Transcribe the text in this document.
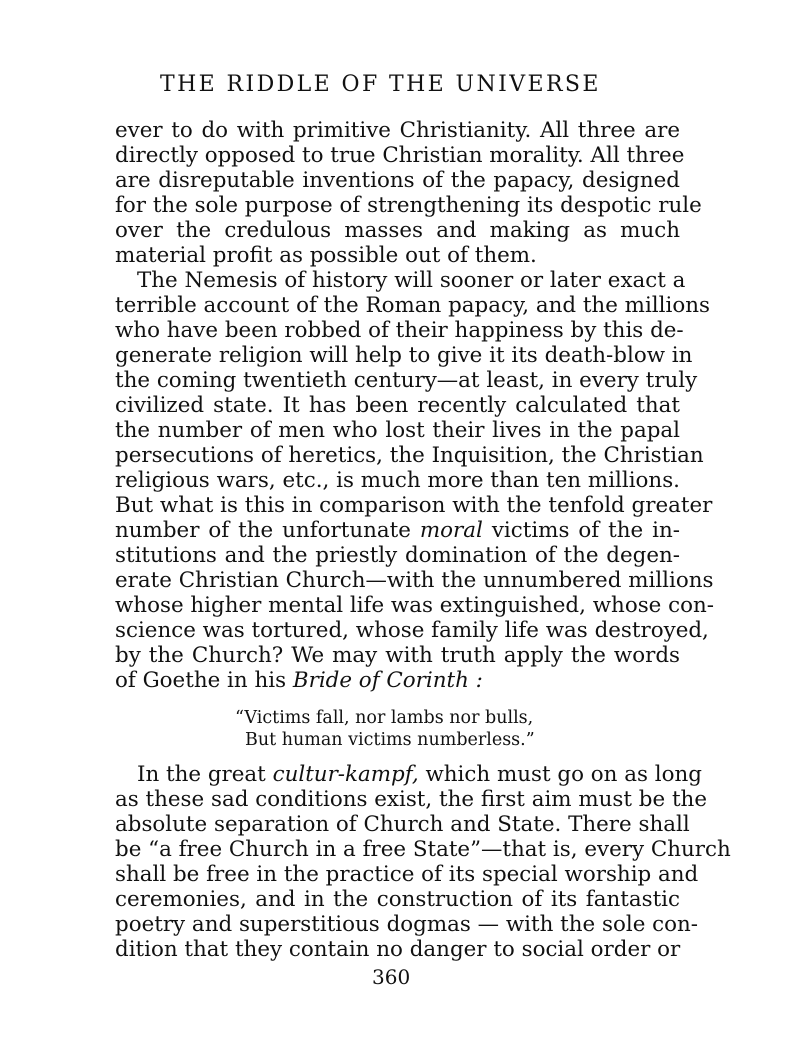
THE RIDDLE OF THE UNIVERSE
ever to do with primitive Christianity. All three are
directly opposed to true Christian morality. All three
are disreputable inventions of the papacy, designed
for the sole purpose of strengthening its despotic rule
over the credulous masses and making as much
material profit as possible out of them.
The Nemesis of history will sooner or later exact a
terrible account of the Roman papacy, and the millions
who have been robbed of their happiness by this de-
generate religion will help to give it its death-blow in
the coming twentieth century—at least, in every truly
civilized state. It has been recently calculated that
the number of men who lost their lives in the papal
persecutions of heretics, the Inquisition, the Christian
religious wars, etc., is much more than ten millions.
But what is this in comparison with the tenfold greater
number of the unfortunate moral victims of the in-
stitutions and the priestly domination of the degen-
erate Christian Church—with the unnumbered millions
whose higher mental life was extinguished, whose con-
science was tortured, whose family life was destroyed,
by the Church? We may with truth apply the words
of Goethe in his Bride of Corinth :
“Victims fall, nor lambs nor bulls,
But human victims numberless.”
In the great cultur-kampf, which must go on as long
as these sad conditions exist, the first aim must be the
absolute separation of Church and State. There shall
be “a free Church in a free State”—that is, every Church
shall be free in the practice of its special worship and
ceremonies, and in the construction of its fantastic
poetry and superstitious dogmas — with the sole con-
dition that they contain no danger to social order or
360
